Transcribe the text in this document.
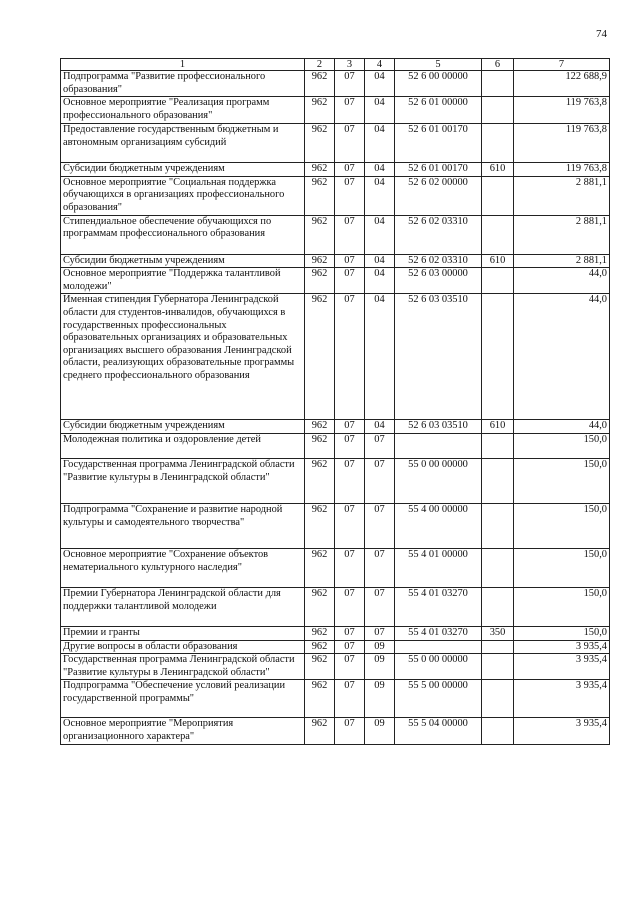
74
1	2	3	4	5	6	7
Подпрограмма "Развитие профессионального образования"	962	07	04	52 6 00 00000		122 688,9
Основное мероприятие "Реализация программ профессионального образования"	962	07	04	52 6 01 00000		119 763,8
Предоставление государственным бюджетным и автономным организациям субсидий	962	07	04	52 6 01 00170		119 763,8
Субсидии бюджетным учреждениям	962	07	04	52 6 01 00170	610	119 763,8
Основное мероприятие "Социальная поддержка обучающихся в организациях профессионального образования"	962	07	04	52 6 02 00000		2 881,1
Стипендиальное обеспечение обучающихся по программам профессионального образования	962	07	04	52 6 02 03310		2 881,1
Субсидии бюджетным учреждениям	962	07	04	52 6 02 03310	610	2 881,1
Основное мероприятие "Поддержка талантливой молодежи"	962	07	04	52 6 03 00000		44,0
Именная стипендия Губернатора Ленинградской области для студентов-инвалидов, обучающихся в государственных профессиональных образовательных организациях и образовательных организациях высшего образования Ленинградской области, реализующих образовательные программы среднего профессионального образования	962	07	04	52 6 03 03510		44,0
Субсидии бюджетным учреждениям	962	07	04	52 6 03 03510	610	44,0
Молодежная политика и оздоровление детей	962	07	07			150,0
Государственная программа Ленинградской области "Развитие культуры в Ленинградской области"	962	07	07	55 0 00 00000		150,0
Подпрограмма "Сохранение и развитие народной культуры и самодеятельного творчества"	962	07	07	55 4 00 00000		150,0
Основное мероприятие "Сохранение объектов нематериального культурного наследия"	962	07	07	55 4 01 00000		150,0
Премии Губернатора Ленинградской области для поддержки талантливой молодежи	962	07	07	55 4 01 03270		150,0
Премии и гранты	962	07	07	55 4 01 03270	350	150,0
Другие вопросы в области образования	962	07	09			3 935,4
Государственная программа Ленинградской области "Развитие культуры в Ленинградской области"	962	07	09	55 0 00 00000		3 935,4
Подпрограмма "Обеспечение условий реализации государственной программы"	962	07	09	55 5 00 00000		3 935,4
Основное мероприятие "Мероприятия организационного характера"	962	07	09	55 5 04 00000		3 935,4
